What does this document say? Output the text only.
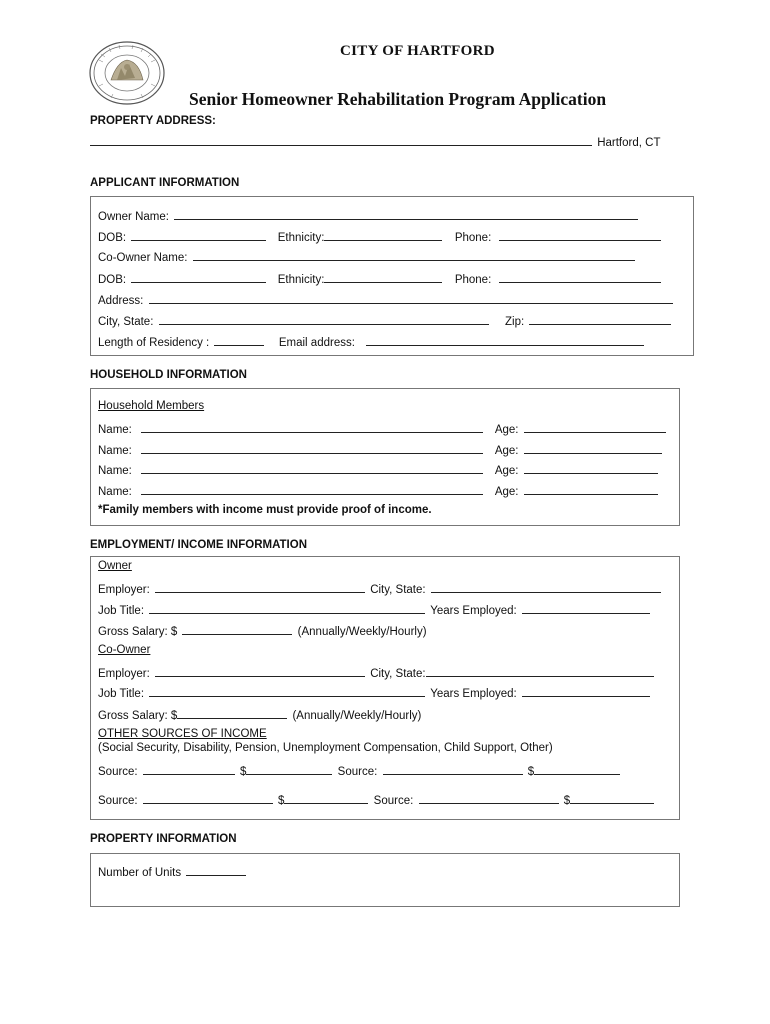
CITY OF HARTFORD
Senior Homeowner Rehabilitation Program Application
PROPERTY ADDRESS:
Hartford, CT
APPLICANT INFORMATION
Owner Name:
DOB:	Ethnicity:	Phone:
Co-Owner Name:
DOB:	Ethnicity:	Phone:
Address:
City, State:	Zip:
Length of Residency :	Email address:
HOUSEHOLD INFORMATION
Household Members
Name:	Age:
Name:	Age:
Name:	Age:
Name:	Age:
*Family members with income must provide proof of income.
EMPLOYMENT/ INCOME INFORMATION
Owner
Employer:	City, State:
Job Title:	Years Employed:
Gross Salary: $	(Annually/Weekly/Hourly)
Co-Owner
Employer:	City, State:
Job Title:	Years Employed:
Gross Salary: $	(Annually/Weekly/Hourly)
OTHER SOURCES OF INCOME
(Social Security, Disability, Pension, Unemployment Compensation, Child Support, Other)
Source:	$	Source:	$
Source:	$	Source:	$
PROPERTY INFORMATION
Number of Units
